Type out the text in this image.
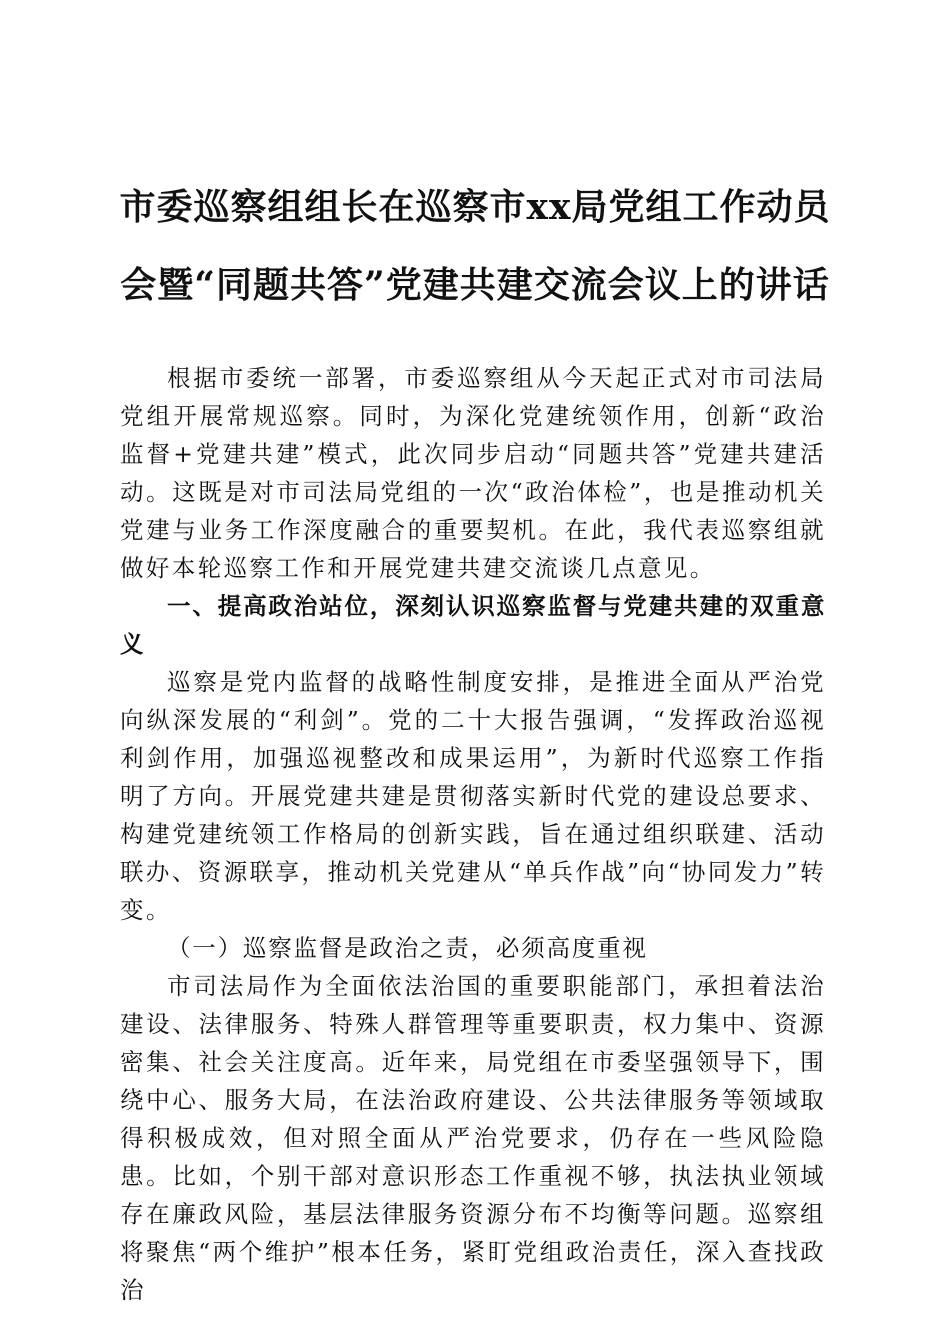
市委巡察组组长在巡察市xx局党组工作动员
会暨“同题共答”党建共建交流会议上的讲话

根据市委统一部署，市委巡察组从今天起正式对市司法局党组开展常规巡察。同时，为深化党建统领作用，创新“政治监督+党建共建”模式，此次同步启动“同题共答”党建共建活动。这既是对市司法局党组的一次“政治体检”，也是推动机关党建与业务工作深度融合的重要契机。在此，我代表巡察组就做好本轮巡察工作和开展党建共建交流谈几点意见。

一、提高政治站位，深刻认识巡察监督与党建共建的双重意义

巡察是党内监督的战略性制度安排，是推进全面从严治党向纵深发展的“利剑”。党的二十大报告强调，“发挥政治巡视利剑作用，加强巡视整改和成果运用”，为新时代巡察工作指明了方向。开展党建共建是贯彻落实新时代党的建设总要求、构建党建统领工作格局的创新实践，旨在通过组织联建、活动联办、资源联享，推动机关党建从“单兵作战”向“协同发力”转变。

（一）巡察监督是政治之责，必须高度重视

市司法局作为全面依法治国的重要职能部门，承担着法治建设、法律服务、特殊人群管理等重要职责，权力集中、资源密集、社会关注度高。近年来，局党组在市委坚强领导下，围绕中心、服务大局，在法治政府建设、公共法律服务等领域取得积极成效，但对照全面从严治党要求，仍存在一些风险隐患。比如，个别干部对意识形态工作重视不够，执法执业领域存在廉政风险，基层法律服务资源分布不均衡等问题。巡察组将聚焦“两个维护”根本任务，紧盯党组政治责任，深入查找政治
